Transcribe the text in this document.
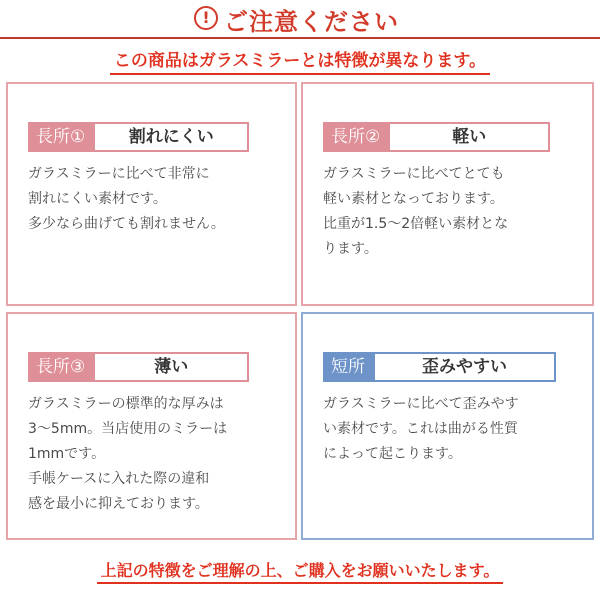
! ご注意ください
この商品はガラスミラーとは特徴が異なります。
長所①	割れにくい
ガラスミラーに比べて非常に
割れにくい素材です。
多少なら曲げても割れません。
長所②	軽い
ガラスミラーに比べてとても
軽い素材となっております。
比重が1.5〜2倍軽い素材とな
ります。
長所③	薄い
ガラスミラーの標準的な厚みは
3〜5mm。当店使用のミラーは
1mmです。
手帳ケースに入れた際の違和
感を最小に抑えております。
短所	歪みやすい
ガラスミラーに比べて歪みやす
い素材です。これは曲がる性質
によって起こります。
上記の特徴をご理解の上、ご購入をお願いいたします。
